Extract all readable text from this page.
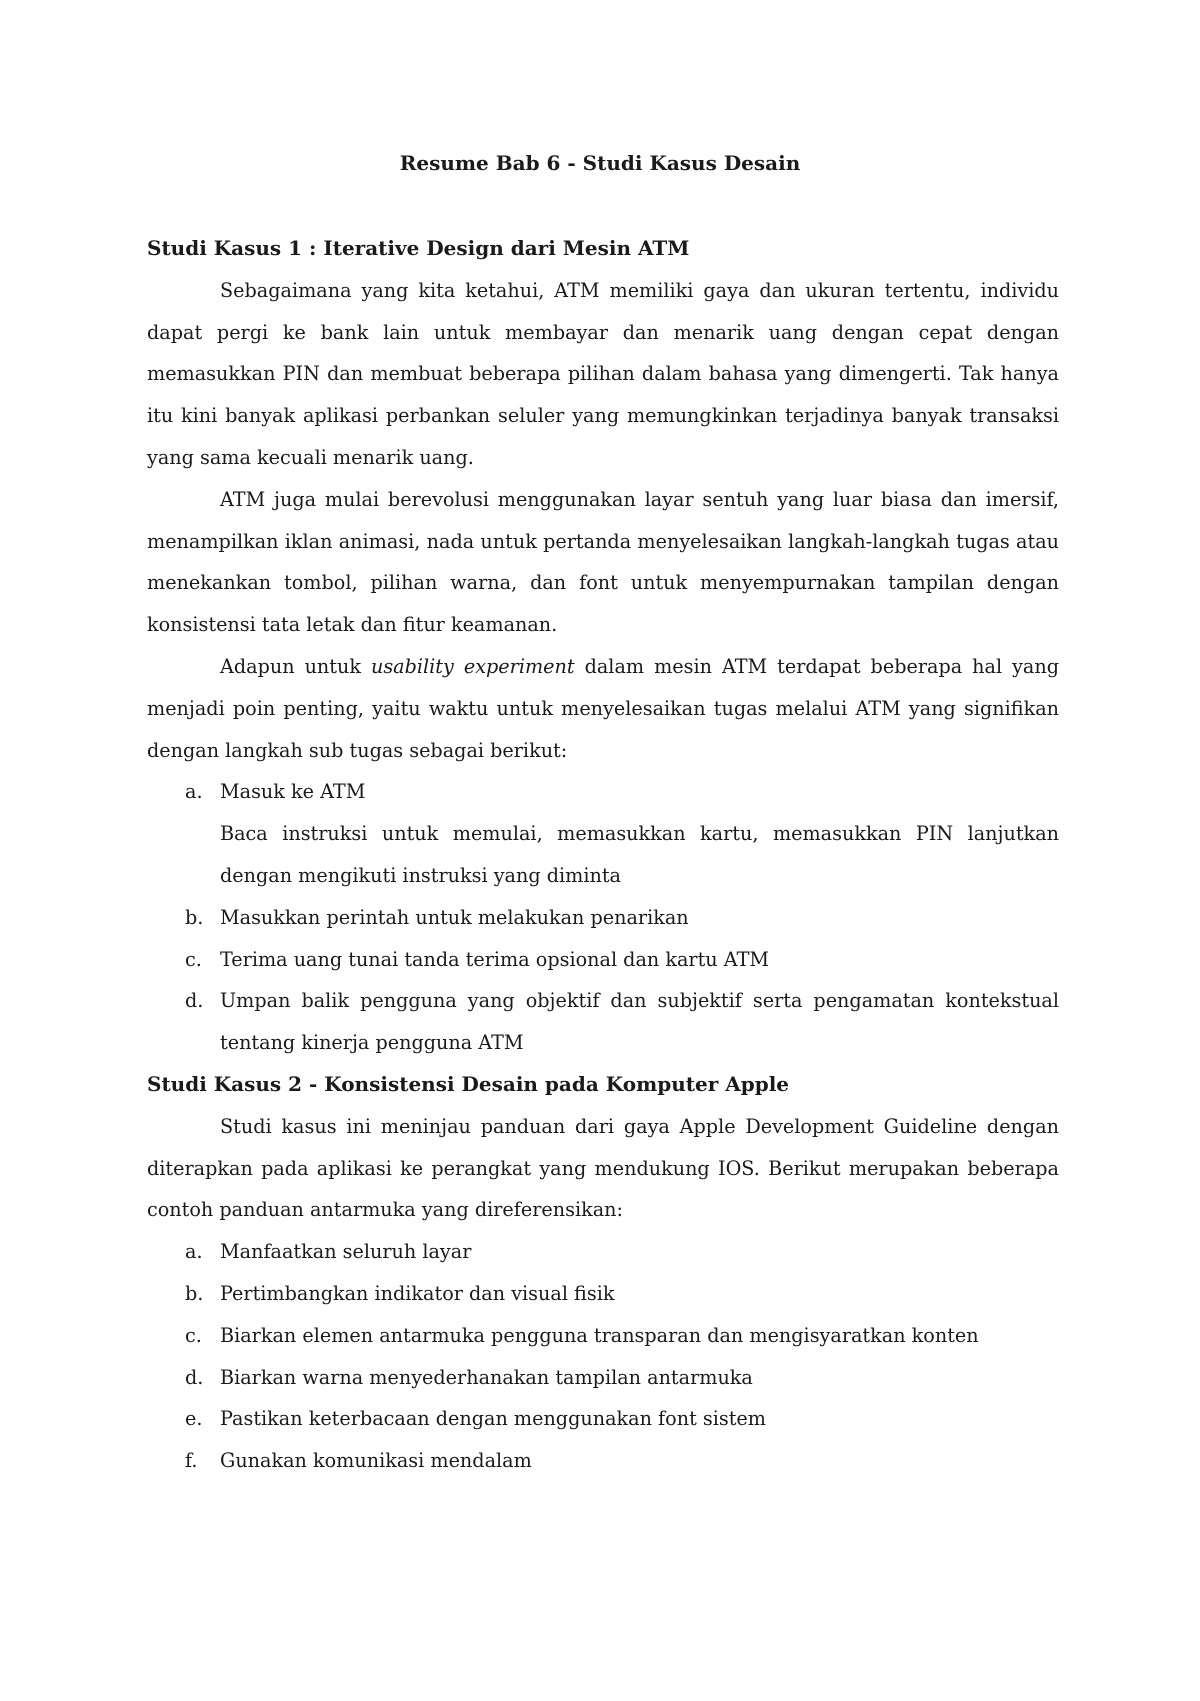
Resume Bab 6 - Studi Kasus Desain
Studi Kasus 1 : Iterative Design dari Mesin ATM

Sebagaimana yang kita ketahui, ATM memiliki gaya dan ukuran tertentu, individu dapat pergi ke bank lain untuk membayar dan menarik uang dengan cepat dengan memasukkan PIN dan membuat beberapa pilihan dalam bahasa yang dimengerti. Tak hanya itu kini banyak aplikasi perbankan seluler yang memungkinkan terjadinya banyak transaksi yang sama kecuali menarik uang.

ATM juga mulai berevolusi menggunakan layar sentuh yang luar biasa dan imersif, menampilkan iklan animasi, nada untuk pertanda menyelesaikan langkah-langkah tugas atau menekankan tombol, pilihan warna, dan font untuk menyempurnakan tampilan dengan konsistensi tata letak dan fitur keamanan.

Adapun untuk usability experiment dalam mesin ATM terdapat beberapa hal yang menjadi poin penting, yaitu waktu untuk menyelesaikan tugas melalui ATM yang signifikan dengan langkah sub tugas sebagai berikut:

a. Masuk ke ATM
Baca instruksi untuk memulai, memasukkan kartu, memasukkan PIN lanjutkan dengan mengikuti instruksi yang diminta
b. Masukkan perintah untuk melakukan penarikan
c. Terima uang tunai tanda terima opsional dan kartu ATM
d. Umpan balik pengguna yang objektif dan subjektif serta pengamatan kontekstual tentang kinerja pengguna ATM
Studi Kasus 2 - Konsistensi Desain pada Komputer Apple

Studi kasus ini meninjau panduan dari gaya Apple Development Guideline dengan diterapkan pada aplikasi ke perangkat yang mendukung IOS. Berikut merupakan beberapa contoh panduan antarmuka yang direferensikan:

a. Manfaatkan seluruh layar
b. Pertimbangkan indikator dan visual fisik
c. Biarkan elemen antarmuka pengguna transparan dan mengisyaratkan konten
d. Biarkan warna menyederhanakan tampilan antarmuka
e. Pastikan keterbacaan dengan menggunakan font sistem
f. Gunakan komunikasi mendalam
